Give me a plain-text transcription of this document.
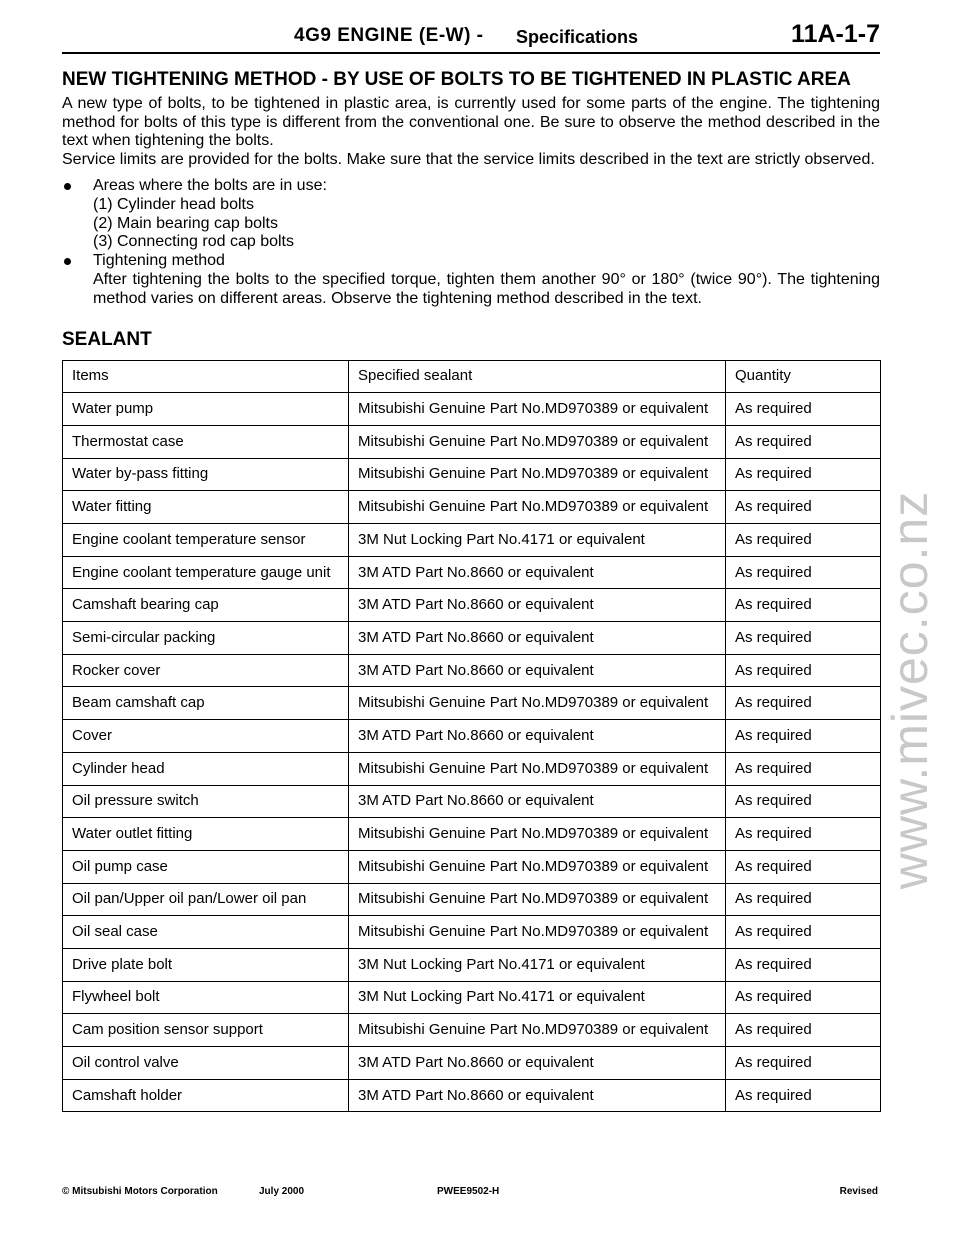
4G9 ENGINE (E-W) - Specifications	11A-1-7
NEW TIGHTENING METHOD - BY USE OF BOLTS TO BE TIGHTENED IN PLASTIC AREA

A new type of bolts, to be tightened in plastic area, is currently used for some parts of the engine. The tightening method for bolts of this type is different from the conventional one. Be sure to observe the method described in the text when tightening the bolts.

Service limits are provided for the bolts. Make sure that the service limits described in the text are strictly observed.

Areas where the bolts are in use:
(1) Cylinder head bolts
(2) Main bearing cap bolts
(3) Connecting rod cap bolts
Tightening method
After tightening the bolts to the specified torque, tighten them another 90° or 180° (twice 90°). The tightening method varies on different areas. Observe the tightening method described in the text.
SEALANT
Items	Specified sealant	Quantity
Water pump	Mitsubishi Genuine Part No.MD970389 or equivalent	As required
Thermostat case	Mitsubishi Genuine Part No.MD970389 or equivalent	As required
Water by-pass fitting	Mitsubishi Genuine Part No.MD970389 or equivalent	As required
Water fitting	Mitsubishi Genuine Part No.MD970389 or equivalent	As required
Engine coolant temperature sensor	3M Nut Locking Part No.4171 or equivalent	As required
Engine coolant temperature gauge unit	3M ATD Part No.8660 or equivalent	As required
Camshaft bearing cap	3M ATD Part No.8660 or equivalent	As required
Semi-circular packing	3M ATD Part No.8660 or equivalent	As required
Rocker cover	3M ATD Part No.8660 or equivalent	As required
Beam camshaft cap	Mitsubishi Genuine Part No.MD970389 or equivalent	As required
Cover	3M ATD Part No.8660 or equivalent	As required
Cylinder head	Mitsubishi Genuine Part No.MD970389 or equivalent	As required
Oil pressure switch	3M ATD Part No.8660 or equivalent	As required
Water outlet fitting	Mitsubishi Genuine Part No.MD970389 or equivalent	As required
Oil pump case	Mitsubishi Genuine Part No.MD970389 or equivalent	As required
Oil pan/Upper oil pan/Lower oil pan	Mitsubishi Genuine Part No.MD970389 or equivalent	As required
Oil seal case	Mitsubishi Genuine Part No.MD970389 or equivalent	As required
Drive plate bolt	3M Nut Locking Part No.4171 or equivalent	As required
Flywheel bolt	3M Nut Locking Part No.4171 or equivalent	As required
Cam position sensor support	Mitsubishi Genuine Part No.MD970389 or equivalent	As required
Oil control valve	3M ATD Part No.8660 or equivalent	As required
Camshaft holder	3M ATD Part No.8660 or equivalent	As required
© Mitsubishi Motors Corporation	July 2000	PWEE9502-H	Revised
www.mivec.co.nz
